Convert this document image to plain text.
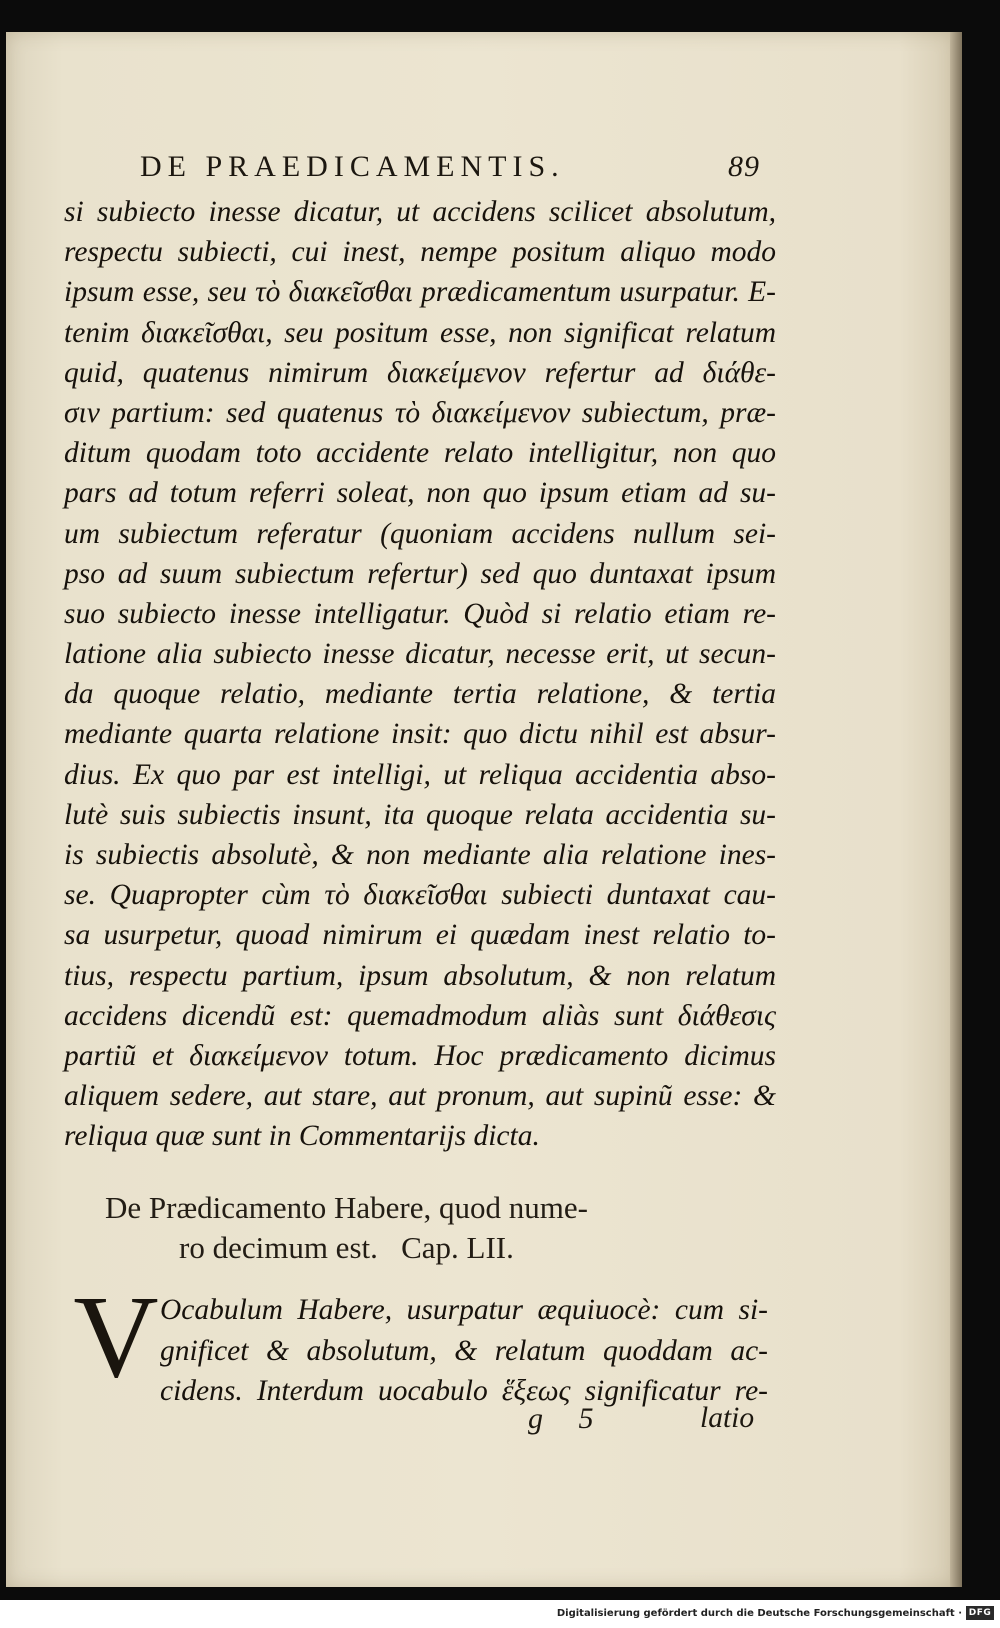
DE PRAEDICAMENTIS.	89
si subiecto inesse dicatur, ut accidens scilicet absolutum,
respectu subiecti, cui inest, nempe positum aliquo modo
ipsum esse, seu τὸ διακεῖσθαι prædicamentum usurpatur. E-
tenim διακεῖσθαι, seu positum esse, non significat relatum
quid, quatenus nimirum διακείμενον refertur ad διάθε-
σιν partium: sed quatenus τὸ διακείμενον subiectum, præ-
ditum quodam toto accidente relato intelligitur, non quo
pars ad totum referri soleat, non quo ipsum etiam ad su-
um subiectum referatur (quoniam accidens nullum sei-
pso ad suum subiectum refertur) sed quo duntaxat ipsum
suo subiecto inesse intelligatur. Quòd si relatio etiam re-
latione alia subiecto inesse dicatur, necesse erit, ut secun-
da quoque relatio, mediante tertia relatione, & tertia
mediante quarta relatione insit: quo dictu nihil est absur-
dius. Ex quo par est intelligi, ut reliqua accidentia abso-
lutè suis subiectis insunt, ita quoque relata accidentia su-
is subiectis absolutè, & non mediante alia relatione ines-
se. Quapropter cùm τὸ διακεῖσθαι subiecti duntaxat cau-
sa usurpetur, quoad nimirum ei quædam inest relatio to-
tius, respectu partium, ipsum absolutum, & non relatum
accidens dicendũ est: quemadmodum aliàs sunt διάθεσις
partiũ et διακείμενον totum. Hoc prædicamento dicimus
aliquem sedere, aut stare, aut pronum, aut supinũ esse: &
reliqua quæ sunt in Commentarijs dicta.
De Prædicamento Habere, quod nume-
ro decimum est.   Cap. LII.
V Ocabulum Habere, usurpatur æquiuocè: cum si-
gnificet & absolutum, & relatum quoddam ac-
cidens. Interdum uocabulo ἕξεως significatur re-
g 5	latio
Digitalisierung gefördert durch die Deutsche Forschungsgemeinschaft · DFG
